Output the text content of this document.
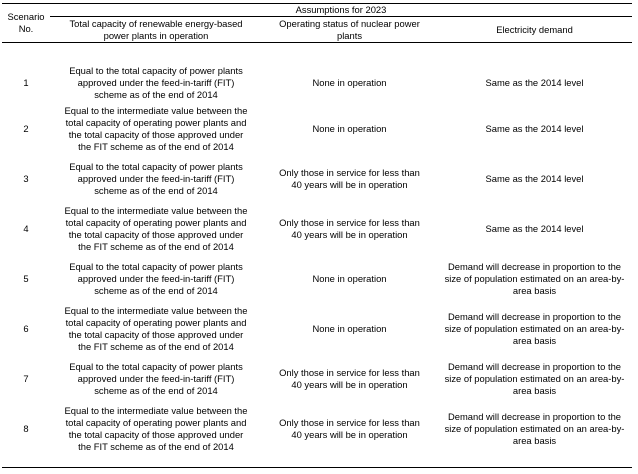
	Assumptions for 2023		
Scenario
No.	Total capacity of renewable energy-based
power plants in operation	Operating status of nuclear power
plants	Electricity demand

1	Equal to the total capacity of power plants
approved under the feed-in-tariff (FIT)
scheme as of the end of 2014	None in operation	Same as the 2014 level
2	Equal to the intermediate value between the
total capacity of operating power plants and
the total capacity of those approved under
the FIT scheme as of the end of 2014	None in operation	Same as the 2014 level
3	Equal to the total capacity of power plants
approved under the feed-in-tariff (FIT)
scheme as of the end of 2014	Only those in service for less than
40 years will be in operation	Same as the 2014 level
4	Equal to the intermediate value between the
total capacity of operating power plants and
the total capacity of those approved under
the FIT scheme as of the end of 2014	Only those in service for less than
40 years will be in operation	Same as the 2014 level
5	Equal to the total capacity of power plants
approved under the feed-in-tariff (FIT)
scheme as of the end of 2014	None in operation	Demand will decrease in proportion to the
size of population estimated on an area-by-
area basis
6	Equal to the intermediate value between the
total capacity of operating power plants and
the total capacity of those approved under
the FIT scheme as of the end of 2014	None in operation	Demand will decrease in proportion to the
size of population estimated on an area-by-
area basis
7	Equal to the total capacity of power plants
approved under the feed-in-tariff (FIT)
scheme as of the end of 2014	Only those in service for less than
40 years will be in operation	Demand will decrease in proportion to the
size of population estimated on an area-by-
area basis
8	Equal to the intermediate value between the
total capacity of operating power plants and
the total capacity of those approved under
the FIT scheme as of the end of 2014	Only those in service for less than
40 years will be in operation	Demand will decrease in proportion to the
size of population estimated on an area-by-
area basis
